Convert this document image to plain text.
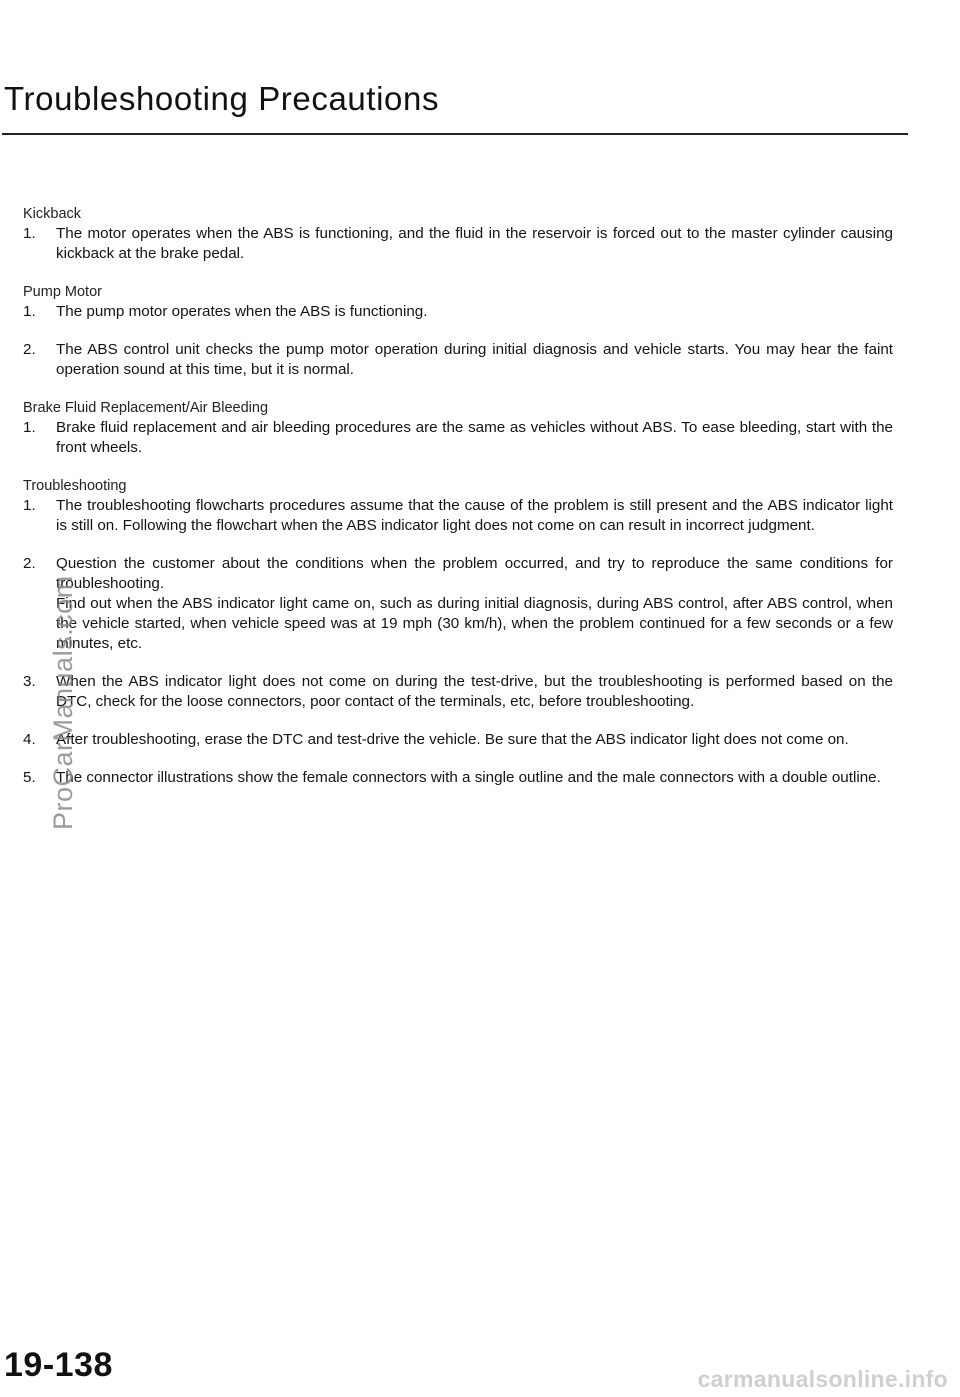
Troubleshooting Precautions

Kickback

1.	The motor operates when the ABS is functioning, and the fluid in the reservoir is forced out to the master cylinder causing kickback at the brake pedal.

Pump Motor

1.	The pump motor operates when the ABS is functioning.
2.	The ABS control unit checks the pump motor operation during initial diagnosis and vehicle starts. You may hear the faint operation sound at this time, but it is normal.

Brake Fluid Replacement/Air Bleeding

1.	Brake fluid replacement and air bleeding procedures are the same as vehicles without ABS. To ease bleeding, start with the front wheels.

Troubleshooting

1.	The troubleshooting flowcharts procedures assume that the cause of the problem is still present and the ABS indicator light is still on. Following the flowchart when the ABS indicator light does not come on can result in incorrect judgment.
2.	Question the customer about the conditions when the problem occurred, and try to reproduce the same conditions for troubleshooting.

Find out when the ABS indicator light came on, such as during initial diagnosis, during ABS control, after ABS control, when the vehicle started, when vehicle speed was at 19 mph (30 km/h), when the problem continued for a few seconds or a few minutes, etc.

3.	When the ABS indicator light does not come on during the test-drive, but the troubleshooting is performed based on the DTC, check for the loose connectors, poor contact of the terminals, etc, before troubleshooting.
4.	After troubleshooting, erase the DTC and test-drive the vehicle. Be sure that the ABS indicator light does not come on.
5.	The connector illustrations show the female connectors with a single outline and the male connectors with a double outline.
ProCarManuals.com
19-138	carmanualsonline.info
